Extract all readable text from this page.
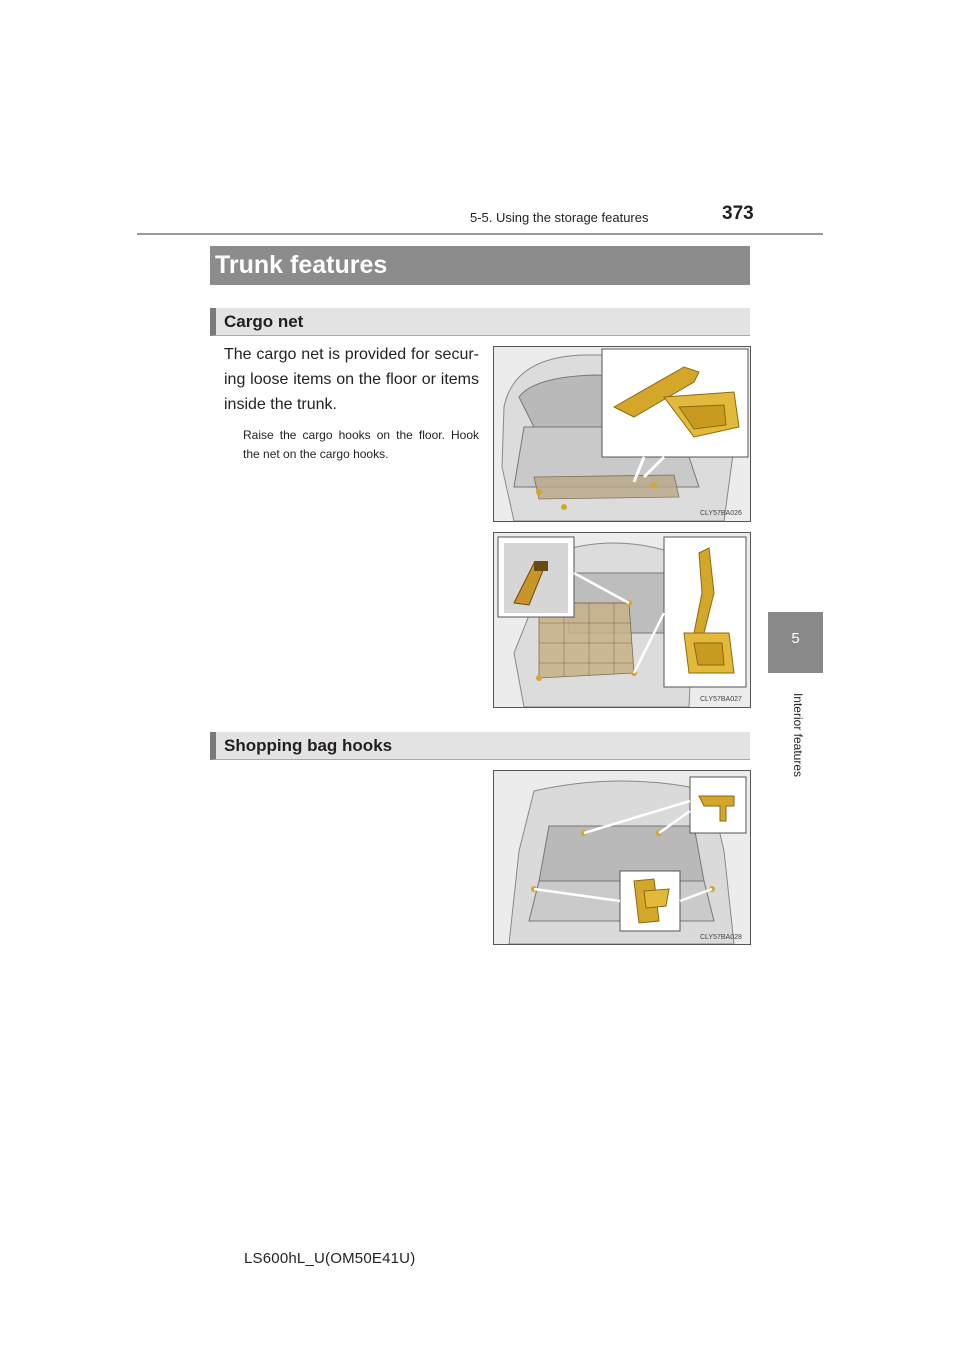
5-5. Using the storage features	373
5
Interior features
Trunk features
Cargo net
The cargo net is provided for secur-ing loose items on the floor or items inside the trunk.
Raise the cargo hooks on the floor. Hook the net on the cargo hooks.
CLY57BA026
CLY57BA027
Shopping bag hooks
CLY57BA028
LS600hL_U(OM50E41U)
